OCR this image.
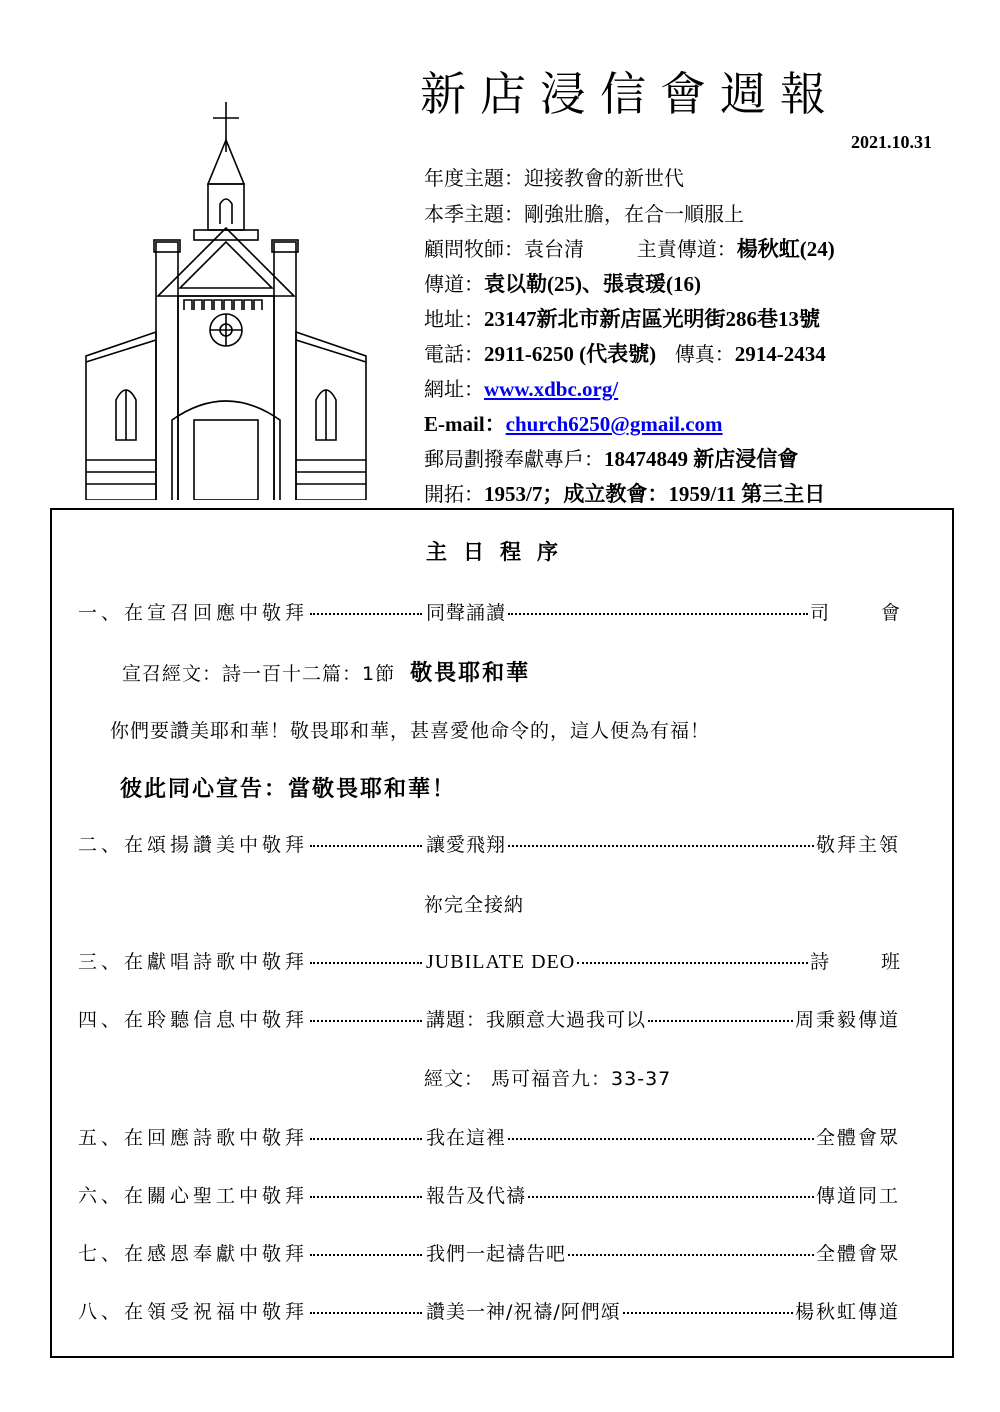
新店浸信會週報
2021.10.31
年度主題：迎接教會的新世代
本季主題：剛強壯膽，在合一順服上
顧問牧師：袁台清	主責傳道：楊秋虹(24)
傳道：袁以勒(25)、張袁瑗(16)
地址：23147新北市新店區光明街286巷13號
電話：2911-6250 (代表號) 傳真：2914-2434
網址：www.xdbc.org/
E-mail：church6250@gmail.com
郵局劃撥奉獻專戶：18474849 新店浸信會
開拓：1953/7；成立教會：1959/11 第三主日
主日程序
一、在宣召回應中敬拜	同聲誦讀	司會
宣召經文：詩一百十二篇：1節 敬畏耶和華
你們要讚美耶和華！敬畏耶和華，甚喜愛他命令的，這人便為有福！
彼此同心宣告：當敬畏耶和華！
二、在頌揚讚美中敬拜	讓愛飛翔	敬拜主領
祢完全接納
三、在獻唱詩歌中敬拜	JUBILATE DEO	詩班
四、在聆聽信息中敬拜	講題：我願意大過我可以	周秉毅傳道
經文： 馬可福音九：33-37
五、在回應詩歌中敬拜	我在這裡	全體會眾
六、在關心聖工中敬拜	報告及代禱	傳道同工
七、在感恩奉獻中敬拜	我們一起禱告吧	全體會眾
八、在領受祝福中敬拜	讚美一神/祝禱/阿們頌	楊秋虹傳道
